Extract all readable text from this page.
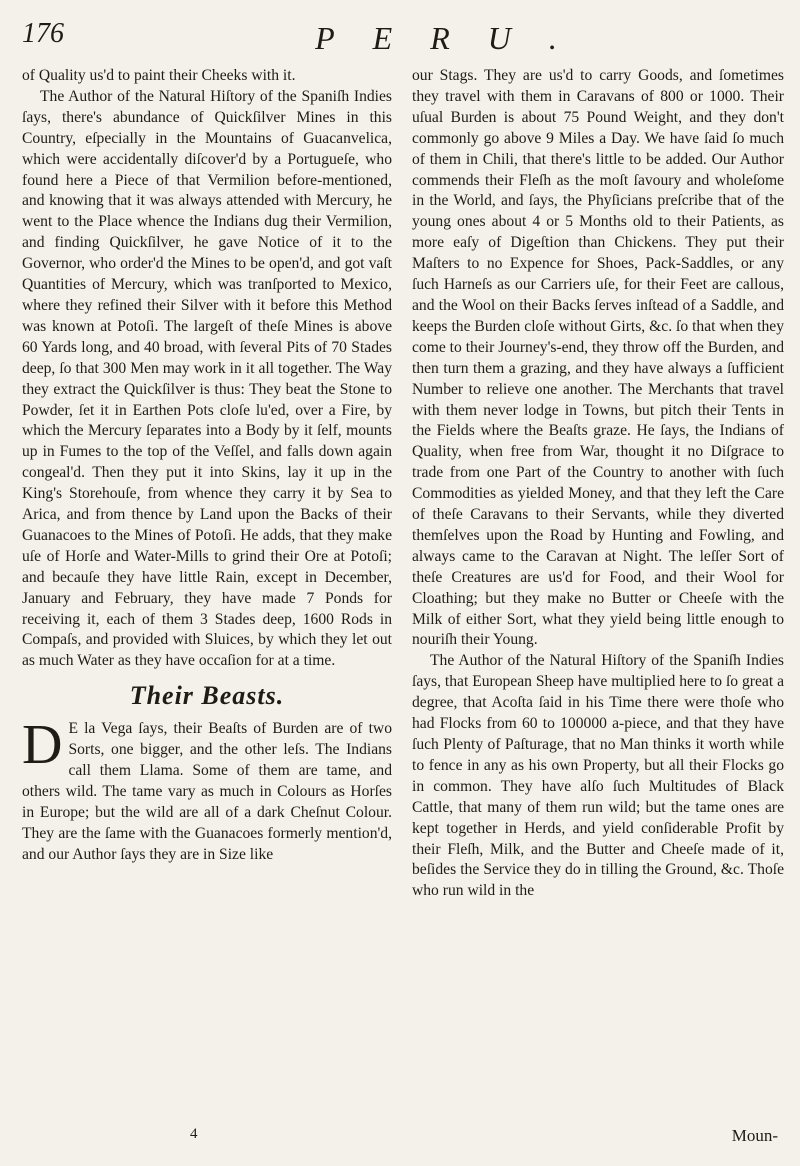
176	PERU.

of Quality us'd to paint their Cheeks with it.

The Author of the Natural Hiſtory of the Spaniſh Indies ſays, there's abundance of Quickſilver Mines in this Country, eſpecially in the Mountains of Guacanvelica, which were accidentally diſcover'd by a Portugueſe, who found here a Piece of that Vermilion before-mentioned, and knowing that it was always attended with Mercury, he went to the Place whence the Indians dug their Vermilion, and finding Quickſilver, he gave Notice of it to the Governor, who order'd the Mines to be open'd, and got vaſt Quantities of Mercury, which was tranſported to Mexico, where they refined their Silver with it before this Method was known at Potoſi. The largeſt of theſe Mines is above 60 Yards long, and 40 broad, with ſeveral Pits of 70 Stades deep, ſo that 300 Men may work in it all together. The Way they extract the Quickſilver is thus: They beat the Stone to Powder, ſet it in Earthen Pots cloſe lu'ed, over a Fire, by which the Mercury ſeparates into a Body by it ſelf, mounts up in Fumes to the top of the Veſſel, and falls down again congeal'd. Then they put it into Skins, lay it up in the King's Storehouſe, from whence they carry it by Sea to Arica, and from thence by Land upon the Backs of their Guanacoes to the Mines of Potoſi. He adds, that they make uſe of Horſe and Water-Mills to grind their Ore at Potoſi; and becauſe they have little Rain, except in December, January and February, they have made 7 Ponds for receiving it, each of them 3 Stades deep, 1600 Rods in Compaſs, and provided with Sluices, by which they let out as much Water as they have occaſion for at a time.

Their Beasts.

D E la Vega ſays, their Beaſts of Burden are of two Sorts, one bigger, and the other leſs. The Indians call them Llama. Some of them are tame, and others wild. The tame vary as much in Colours as Horſes in Europe; but the wild are all of a dark Cheſnut Colour. They are the ſame with the Guanacoes formerly mention'd, and our Author ſays they are in Size like

our Stags. They are us'd to carry Goods, and ſometimes they travel with them in Caravans of 800 or 1000. Their uſual Burden is about 75 Pound Weight, and they don't commonly go above 9 Miles a Day. We have ſaid ſo much of them in Chili, that there's little to be added. Our Author commends their Fleſh as the moſt ſavoury and wholeſome in the World, and ſays, the Phyſicians preſcribe that of the young ones about 4 or 5 Months old to their Patients, as more eaſy of Digeſtion than Chickens. They put their Maſters to no Expence for Shoes, Pack-Saddles, or any ſuch Harneſs as our Carriers uſe, for their Feet are callous, and the Wool on their Backs ſerves inſtead of a Saddle, and keeps the Burden cloſe without Girts, &c. ſo that when they come to their Journey's-end, they throw off the Burden, and then turn them a grazing, and they have always a ſufficient Number to relieve one another. The Merchants that travel with them never lodge in Towns, but pitch their Tents in the Fields where the Beaſts graze. He ſays, the Indians of Quality, when free from War, thought it no Diſgrace to trade from one Part of the Country to another with ſuch Commodities as yielded Money, and that they left the Care of theſe Caravans to their Servants, while they diverted themſelves upon the Road by Hunting and Fowling, and always came to the Caravan at Night. The leſſer Sort of theſe Creatures are us'd for Food, and their Wool for Cloathing; but they make no Butter or Cheeſe with the Milk of either Sort, what they yield being little enough to nouriſh their Young.

The Author of the Natural Hiſtory of the Spaniſh Indies ſays, that European Sheep have multiplied here to ſo great a degree, that Acoſta ſaid in his Time there were thoſe who had Flocks from 60 to 100000 a-piece, and that they have ſuch Plenty of Paſturage, that no Man thinks it worth while to fence in any as his own Property, but all their Flocks go in common. They have alſo ſuch Multitudes of Black Cattle, that many of them run wild; but the tame ones are kept together in Herds, and yield conſiderable Profit by their Fleſh, Milk, and the Butter and Cheeſe made of it, beſides the Service they do in tilling the Ground, &c. Thoſe who run wild in the

4	Moun-
